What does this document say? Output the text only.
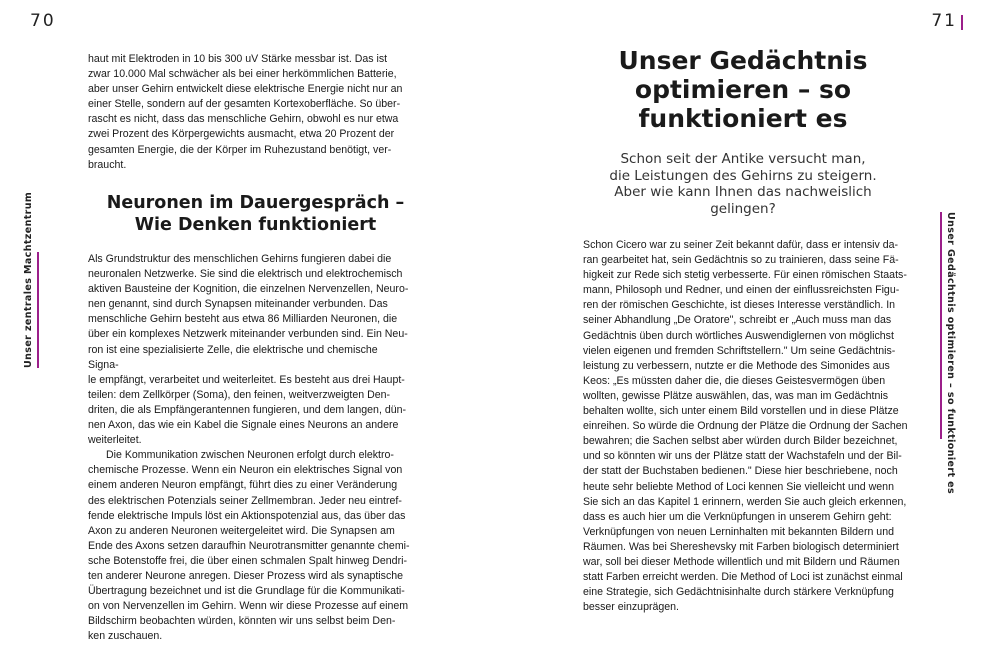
70	71
Unser zentrales Machtzentrum	Unser Gedächtnis optimieren – so funktioniert es

haut mit Elektroden in 10 bis 300 uV Stärke messbar ist. Das ist
zwar 10.000 Mal schwächer als bei einer herkömmlichen Batterie,
aber unser Gehirn entwickelt diese elektrische Energie nicht nur an
einer Stelle, sondern auf der gesamten Kortexoberfläche. So über-
rascht es nicht, dass das menschliche Gehirn, obwohl es nur etwa
zwei Prozent des Körpergewichts ausmacht, etwa 20 Prozent der
gesamten Energie, die der Körper im Ruhezustand benötigt, ver-
braucht.

Neuronen im Dauergespräch –
Wie Denken funktioniert

Als Grundstruktur des menschlichen Gehirns fungieren dabei die
neuronalen Netzwerke. Sie sind die elektrisch und elektrochemisch
aktiven Bausteine der Kognition, die einzelnen Nervenzellen, Neuro-
nen genannt, sind durch Synapsen miteinander verbunden. Das
menschliche Gehirn besteht aus etwa 86 Milliarden Neuronen, die
über ein komplexes Netzwerk miteinander verbunden sind. Ein Neu-
ron ist eine spezialisierte Zelle, die elektrische und chemische Signa-
le empfängt, verarbeitet und weiterleitet. Es besteht aus drei Haupt-
teilen: dem Zellkörper (Soma), den feinen, weitverzweigten Den-
driten, die als Empfängerantennen fungieren, und dem langen, dün-
nen Axon, das wie ein Kabel die Signale eines Neurons an andere
weiterleitet.

Die Kommunikation zwischen Neuronen erfolgt durch elektro-
chemische Prozesse. Wenn ein Neuron ein elektrisches Signal von
einem anderen Neuron empfängt, führt dies zu einer Veränderung
des elektrischen Potenzials seiner Zellmembran. Jeder neu eintref-
fende elektrische Impuls löst ein Aktionspotenzial aus, das über das
Axon zu anderen Neuronen weitergeleitet wird. Die Synapsen am
Ende des Axons setzen daraufhin Neurotransmitter genannte chemi-
sche Botenstoffe frei, die über einen schmalen Spalt hinweg Dendri-
ten anderer Neurone anregen. Dieser Prozess wird als synaptische
Übertragung bezeichnet und ist die Grundlage für die Kommunikati-
on von Nervenzellen im Gehirn. Wenn wir diese Prozesse auf einem
Bildschirm beobachten würden, könnten wir uns selbst beim Den-
ken zuschauen.

Unser Gedächtnis
optimieren – so
funktioniert es
Schon seit der Antike versucht man,
die Leistungen des Gehirns zu steigern.
Aber wie kann Ihnen das nachweislich
gelingen?

Schon Cicero war zu seiner Zeit bekannt dafür, dass er intensiv da-
ran gearbeitet hat, sein Gedächtnis so zu trainieren, dass seine Fä-
higkeit zur Rede sich stetig verbesserte. Für einen römischen Staats-
mann, Philosoph und Redner, und einen der einflussreichsten Figu-
ren der römischen Geschichte, ist dieses Interesse verständlich. In
seiner Abhandlung „De Oratore", schreibt er „Auch muss man das
Gedächtnis üben durch wörtliches Auswendiglernen von möglichst
vielen eigenen und fremden Schriftstellern." Um seine Gedächtnis-
leistung zu verbessern, nutzte er die Methode des Simonides aus
Keos: „Es müssten daher die, die dieses Geistesvermögen üben
wollten, gewisse Plätze auswählen, das, was man im Gedächtnis
behalten wollte, sich unter einem Bild vorstellen und in diese Plätze
einreihen. So würde die Ordnung der Plätze die Ordnung der Sachen
bewahren; die Sachen selbst aber würden durch Bilder bezeichnet,
und so könnten wir uns der Plätze statt der Wachstafeln und der Bil-
der statt der Buchstaben bedienen." Diese hier beschriebene, noch
heute sehr beliebte Method of Loci kennen Sie vielleicht und wenn
Sie sich an das Kapitel 1 erinnern, werden Sie auch gleich erkennen,
dass es auch hier um die Verknüpfungen in unserem Gehirn geht:
Verknüpfungen von neuen Lerninhalten mit bekannten Bildern und
Räumen. Was bei Shereshevsky mit Farben biologisch determiniert
war, soll bei dieser Methode willentlich und mit Bildern und Räumen
statt Farben erreicht werden. Die Method of Loci ist zunächst einmal
eine Strategie, sich Gedächtnisinhalte durch stärkere Verknüpfung
besser einzuprägen.
